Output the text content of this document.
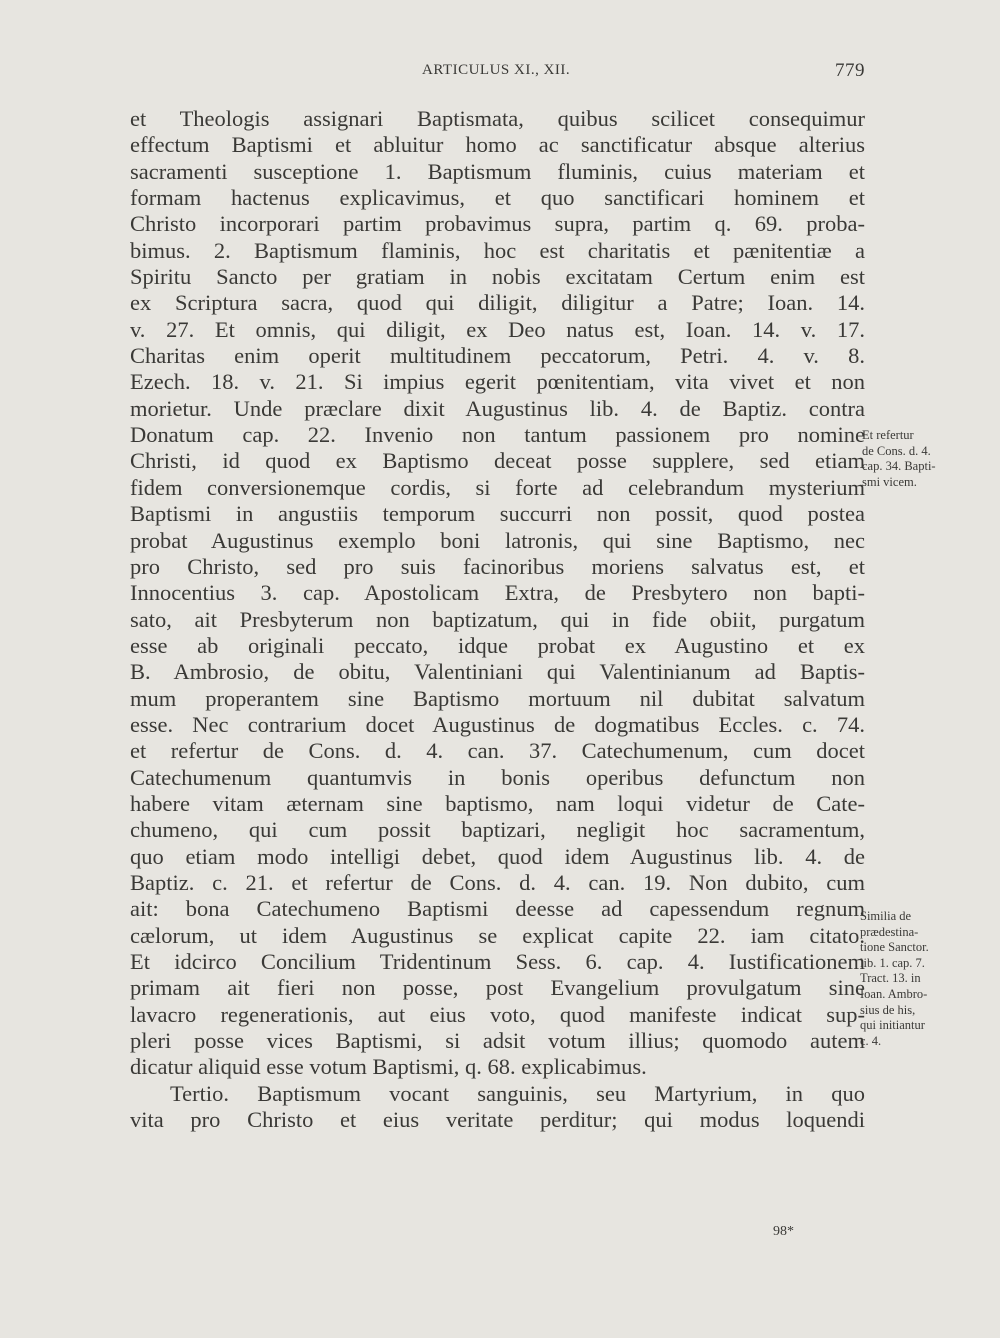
ARTICULUS XI., XII.	779
et Theologis assignari Baptismata, quibus scilicet consequimur
effectum Baptismi et abluitur homo ac sanctificatur absque alterius
sacramenti susceptione 1. Baptismum fluminis, cuius materiam et
formam hactenus explicavimus, et quo sanctificari hominem et
Christo incorporari partim probavimus supra, partim q. 69. proba-
bimus. 2. Baptismum flaminis, hoc est charitatis et pænitentiæ a
Spiritu Sancto per gratiam in nobis excitatam Certum enim est
ex Scriptura sacra, quod qui diligit, diligitur a Patre; Ioan. 14.
v. 27. Et omnis, qui diligit, ex Deo natus est, Ioan. 14. v. 17.
Charitas enim operit multitudinem peccatorum, Petri. 4. v. 8.
Ezech. 18. v. 21. Si impius egerit pœnitentiam, vita vivet et non
morietur. Unde præclare dixit Augustinus lib. 4. de Baptiz. contra
Donatum cap. 22. Invenio non tantum passionem pro nomine
Christi, id quod ex Baptismo deceat posse supplere, sed etiam
fidem conversionemque cordis, si forte ad celebrandum mysterium
Baptismi in angustiis temporum succurri non possit, quod postea
probat Augustinus exemplo boni latronis, qui sine Baptismo, nec
pro Christo, sed pro suis facinoribus moriens salvatus est, et
Innocentius 3. cap. Apostolicam Extra, de Presbytero non bapti-
sato, ait Presbyterum non baptizatum, qui in fide obiit, purgatum
esse ab originali peccato, idque probat ex Augustino et ex
B. Ambrosio, de obitu, Valentiniani qui Valentinianum ad Baptis-
mum properantem sine Baptismo mortuum nil dubitat salvatum
esse. Nec contrarium docet Augustinus de dogmatibus Eccles. c. 74.
et refertur de Cons. d. 4. can. 37. Catechumenum, cum docet
Catechumenum quantumvis in bonis operibus defunctum non
habere vitam æternam sine baptismo, nam loqui videtur de Cate-
chumeno, qui cum possit baptizari, negligit hoc sacramentum,
quo etiam modo intelligi debet, quod idem Augustinus lib. 4. de
Baptiz. c. 21. et refertur de Cons. d. 4. can. 19. Non dubito, cum
ait: bona Catechumeno Baptismi deesse ad capessendum regnum
cælorum, ut idem Augustinus se explicat capite 22. iam citato.
Et idcirco Concilium Tridentinum Sess. 6. cap. 4. Iustificationem
primam ait fieri non posse, post Evangelium provulgatum sine
lavacro regenerationis, aut eius voto, quod manifeste indicat sup-
pleri posse vices Baptismi, si adsit votum illius; quomodo autem
dicatur aliquid esse votum Baptismi, q. 68. explicabimus.
Tertio. Baptismum vocant sanguinis, seu Martyrium, in quo
vita pro Christo et eius veritate perditur; qui modus loquendi
Et refertur
de Cons. d. 4.
cap. 34. Bapti-
smi vicem.
Similia de
prædestina-
tione Sanctor.
lib. 1. cap. 7.
Tract. 13. in
Ioan. Ambro-
sius de his,
qui initiantur
c. 4.
98*
